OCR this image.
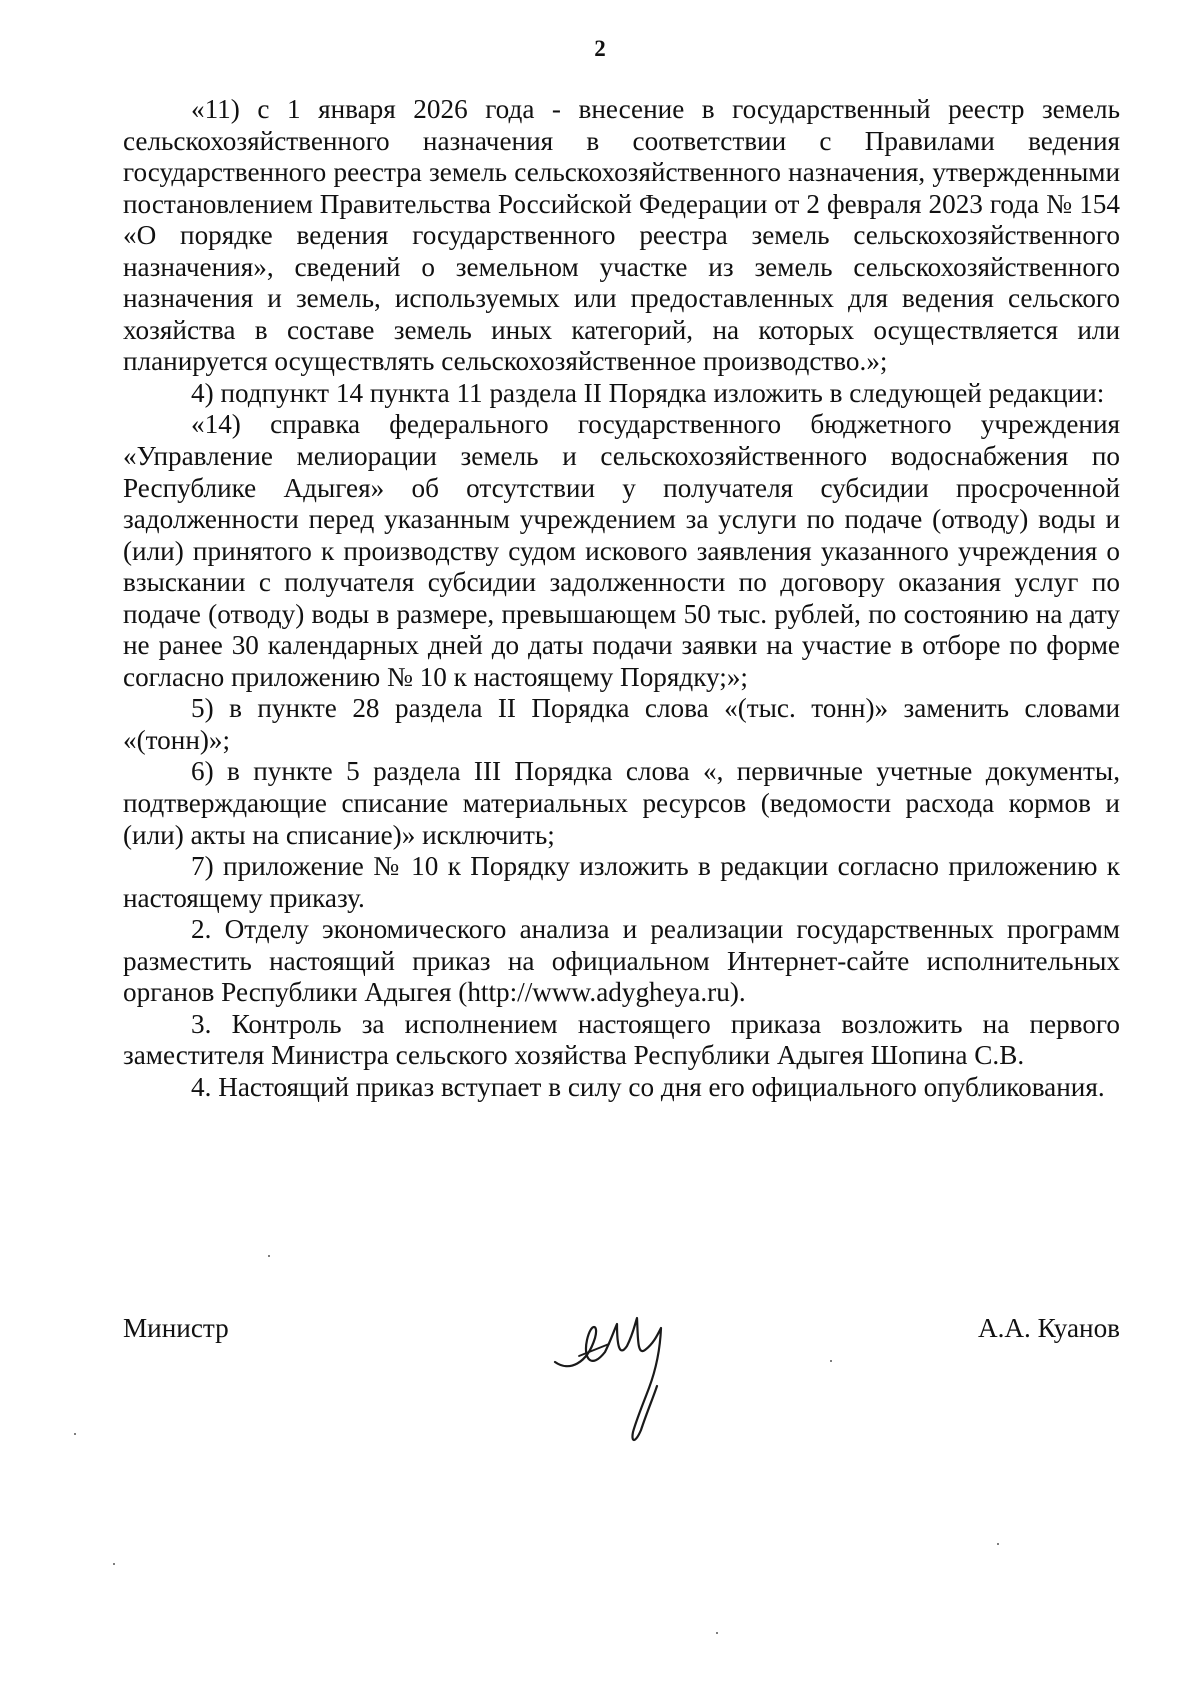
2

«11) с 1 января 2026 года - внесение в государственный реестр земель сельскохозяйственного назначения в соответствии с Правилами ведения государственного реестра земель сельскохозяйственного назначения, утвержденными постановлением Правительства Российской Федерации от 2 февраля 2023 года № 154 «О порядке ведения государственного реестра земель сельскохозяйственного назначения», сведений о земельном участке из земель сельскохозяйственного назначения и земель, используемых или предоставленных для ведения сельского хозяйства в составе земель иных категорий, на которых осуществляется или планируется осуществлять сельскохозяйственное производство.»;

4) подпункт 14 пункта 11 раздела II Порядка изложить в следующей редакции:

«14) справка федерального государственного бюджетного учреждения «Управление мелиорации земель и сельскохозяйственного водоснабжения по Республике Адыгея» об отсутствии у получателя субсидии просроченной задолженности перед указанным учреждением за услуги по подаче (отводу) воды и (или) принятого к производству судом искового заявления указанного учреждения о взыскании с получателя субсидии задолженности по договору оказания услуг по подаче (отводу) воды в размере, превышающем 50 тыс. рублей, по состоянию на дату не ранее 30 календарных дней до даты подачи заявки на участие в отборе по форме согласно приложению № 10 к настоящему Порядку;»;

5) в пункте 28 раздела II Порядка слова «(тыс. тонн)» заменить словами «(тонн)»;

6) в пункте 5 раздела III Порядка слова «, первичные учетные документы, подтверждающие списание материальных ресурсов (ведомости расхода кормов и (или) акты на списание)» исключить;

7) приложение № 10 к Порядку изложить в редакции согласно приложению к настоящему приказу.

2. Отделу экономического анализа и реализации государственных программ разместить настоящий приказ на официальном Интернет-сайте исполнительных органов Республики Адыгея (http://www.adygheya.ru).

3. Контроль за исполнением настоящего приказа возложить на первого заместителя Министра сельского хозяйства Республики Адыгея Шопина С.В.

4. Настоящий приказ вступает в силу со дня его официального опубликования.

Министр	А.А. Куанов
